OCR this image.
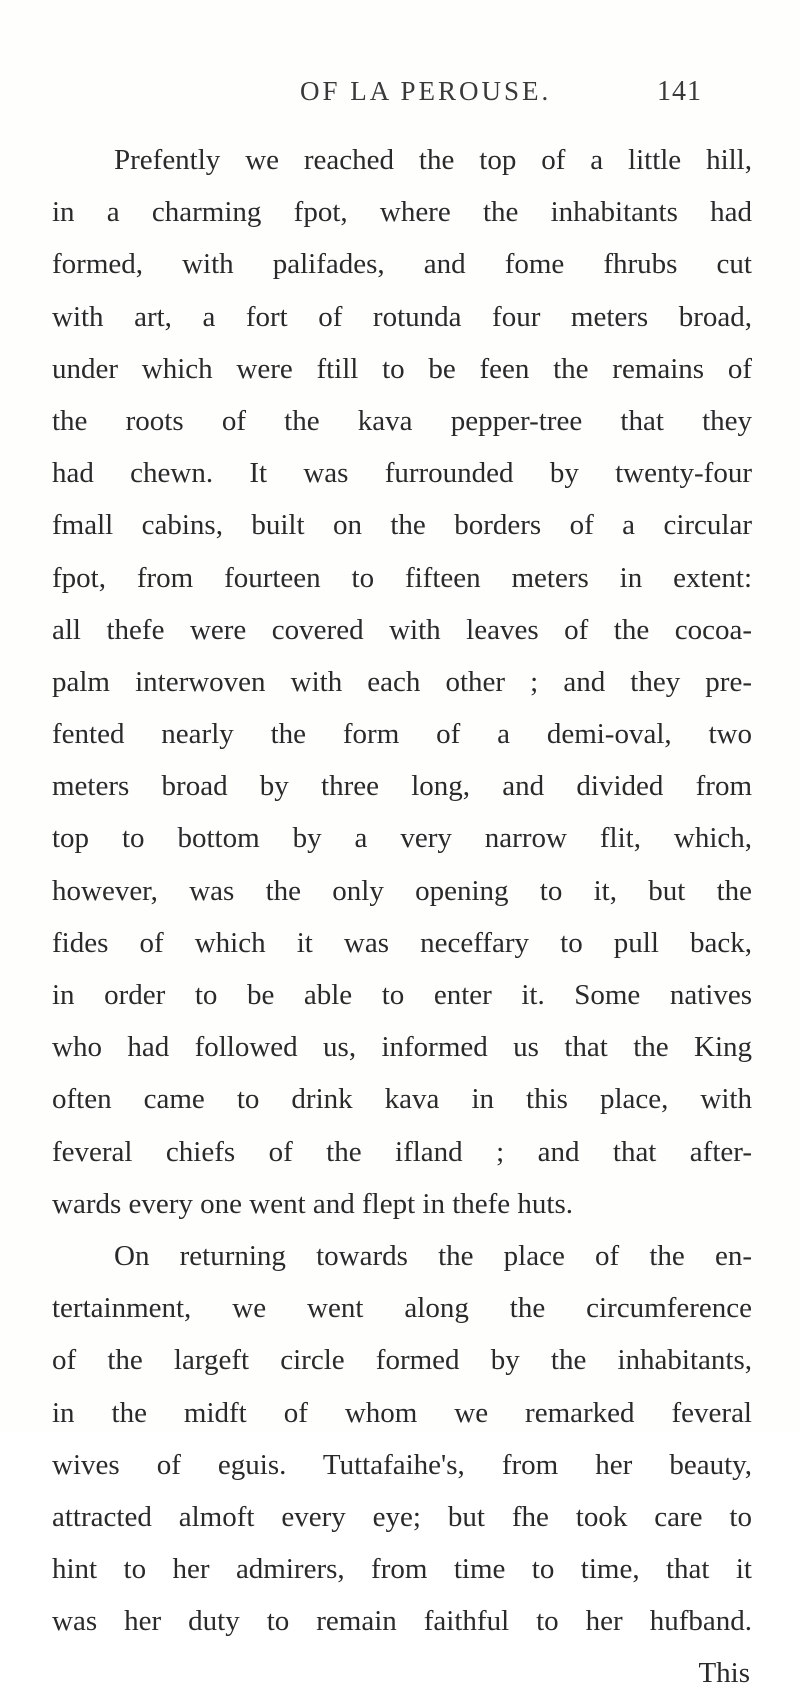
OF LA PEROUSE.	141
Prefently we reached the top of a little hill,
in a charming fpot, where the inhabitants had
formed, with palifades, and fome fhrubs cut
with art, a fort of rotunda four meters broad,
under which were ftill to be feen the remains of
the roots of the kava pepper-tree that they
had chewn. It was furrounded by twenty-four
fmall cabins, built on the borders of a circular
fpot, from fourteen to fifteen meters in extent:
all thefe were covered with leaves of the cocoa-
palm interwoven with each other ; and they pre-
fented nearly the form of a demi-oval, two
meters broad by three long, and divided from
top to bottom by a very narrow flit, which,
however, was the only opening to it, but the
fides of which it was neceffary to pull back,
in order to be able to enter it. Some natives
who had followed us, informed us that the King
often came to drink kava in this place, with
feveral chiefs of the ifland ; and that after-
wards every one went and flept in thefe huts.
On returning towards the place of the en-
tertainment, we went along the circumference
of the largeft circle formed by the inhabitants,
in the midft of whom we remarked feveral
wives of eguis. Tuttafaihe's, from her beauty,
attracted almoft every eye; but fhe took care to
hint to her admirers, from time to time, that it
was her duty to remain faithful to her hufband.
This
